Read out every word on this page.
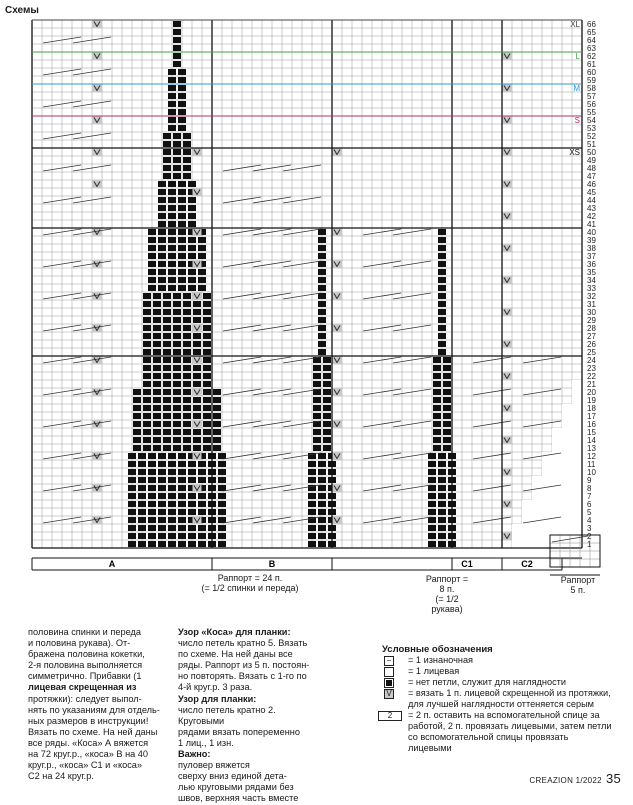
Схемы
XL
L
M
S
XS
1
2
3
4
5
6
7
8
9
10
11
12
13
14
15
16
17
18
19
20
21
22
23
24
25
26
27
28
29
30
31
32
33
34
35
36
37
38
39
40
41
42
43
44
45
46
47
48
49
50
51
52
53
54
55
56
57
58
59
60
61
62
63
64
65
66
A	B	C1	C2
Раппорт = 24 п.
(= 1/2 спинки и переда)
Раппорт =
8 п.
(= 1/2
рукава)
Раппорт
5 п.
половина спинки и переда
и половина рукава). От-
бражена половина кокетки,
2-я половина выполняется
симметрично. Прибавки (1
лицевая скрещенная из
протяжки): следует выпол-
нять по указаниям для отдель-
ных размеров в инструкции!
Вязать по схеме. На ней даны
все ряды. «Коса» А вяжется
на 72 круг.р., «коса» В на 40
круг.р., «коса» С1 и «коса»
С2 на 24 круг.р.
Узор «Коса» для планки:
число петель кратно 5. Вязать
по схеме. На ней даны все
ряды. Раппорт из 5 п. постоян-
но повторять. Вязать с 1-го по
4-й круг.р. 3 раза.
Узор для планки:
число петель кратно 2. Круговыми
рядами вязать попеременно
1 лиц., 1 изн.
Важно:
пуловер вяжется
сверху вниз единой дета-
лью круговыми рядами без
швов, верхняя часть вместе
Условные обозначения
− = 1 изнаночная
= 1 лицевая
= нет петли, служит для наглядности
V = вязать 1 п. лицевой скрещенной из протяжки, для лучшей наглядности оттеняется серым
2	= 2 п. оставить на вспомогательной спице за работой, 2 п. провязать лицевыми, затем петли со вспомогательной спицы провязать лицевыми
CREAZION 1/2022 35
